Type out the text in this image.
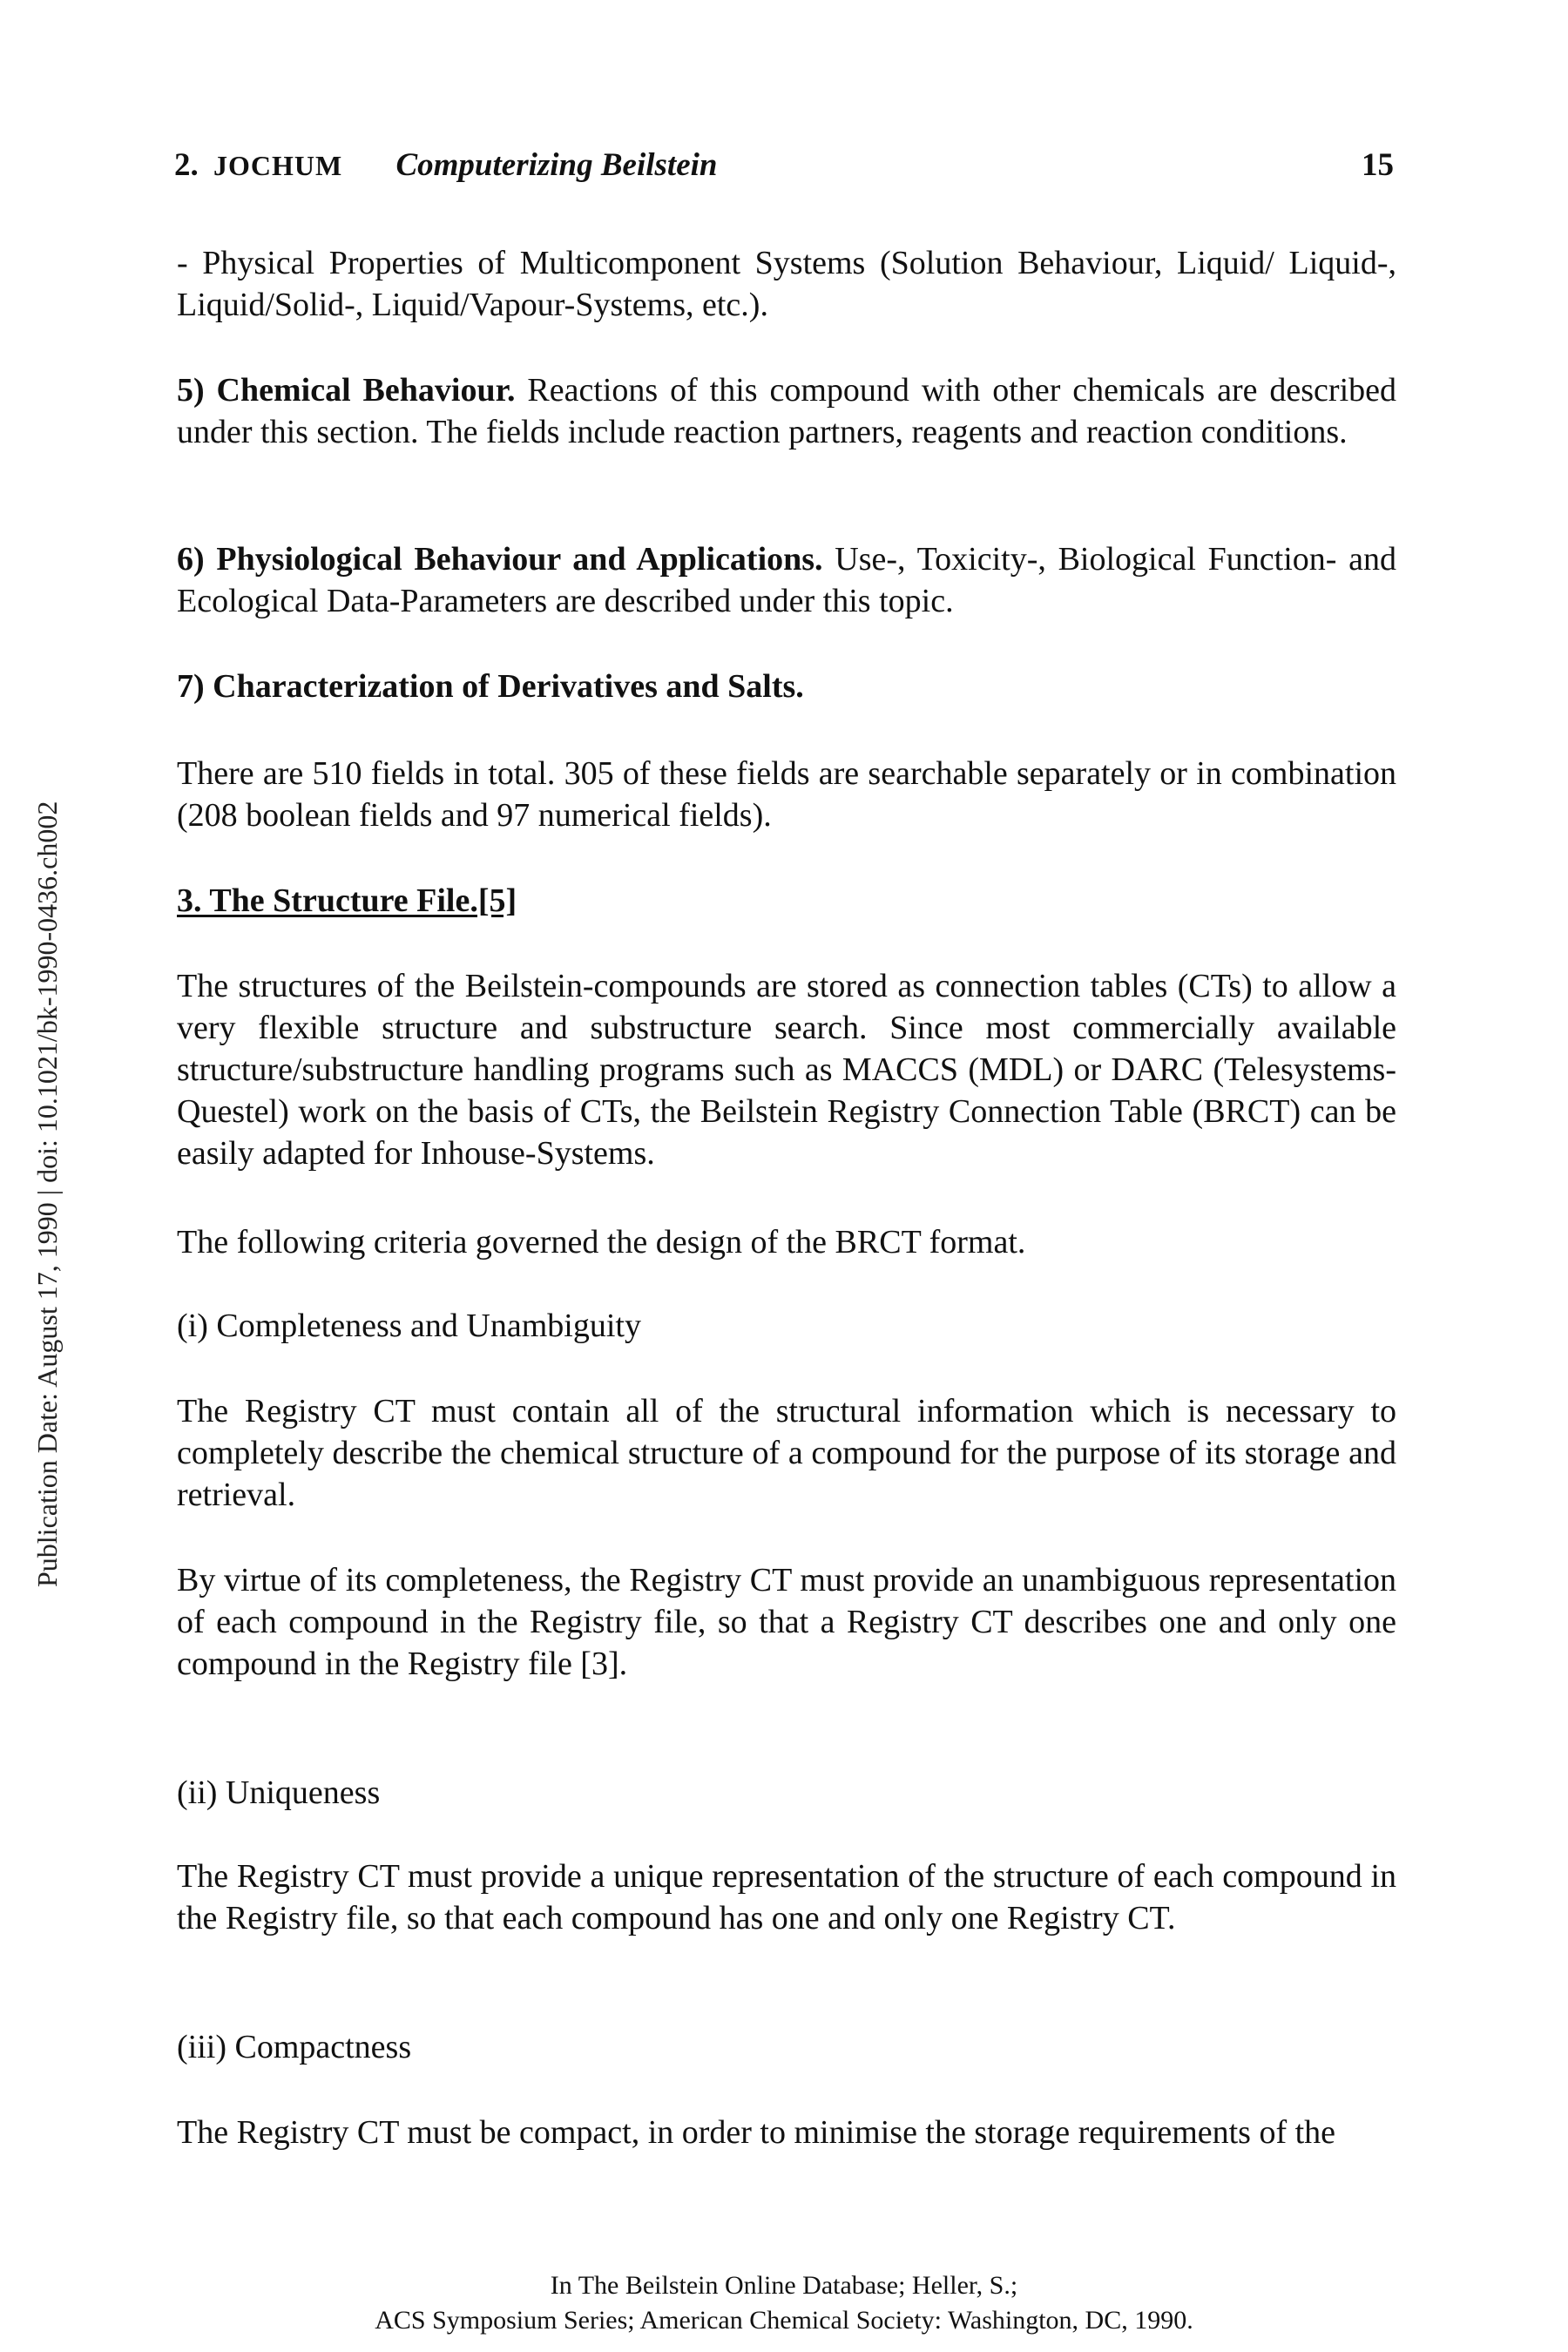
2. JOCHUM Computerizing Beilstein	15
Publication Date: August 17, 1990 | doi: 10.1021/bk-1990-0436.ch002
- Physical Properties of Multicomponent Systems (Solution Behaviour, Liquid/ Liquid-, Liquid/Solid-, Liquid/Vapour-Systems, etc.).
5) Chemical Behaviour. Reactions of this compound with other chemicals are described under this section. The fields include reaction partners, reagents and reaction conditions.
6) Physiological Behaviour and Applications. Use-, Toxicity-, Biological Function- and Ecological Data-Parameters are described under this topic.
7) Characterization of Derivatives and Salts.
There are 510 fields in total. 305 of these fields are searchable separately or in combination (208 boolean fields and 97 numerical fields).
3. The Structure File.[5]
The structures of the Beilstein-compounds are stored as connection tables (CTs) to allow a very flexible structure and substructure search. Since most commercially available structure/substructure handling programs such as MACCS (MDL) or DARC (Telesystems-Questel) work on the basis of CTs, the Beilstein Registry Connection Table (BRCT) can be easily adapted for Inhouse-Systems.
The following criteria governed the design of the BRCT format.
(i) Completeness and Unambiguity
The Registry CT must contain all of the structural information which is necessary to completely describe the chemical structure of a compound for the purpose of its storage and retrieval.
By virtue of its completeness, the Registry CT must provide an unambiguous representation of each compound in the Registry file, so that a Registry CT describes one and only one compound in the Registry file [3].
(ii) Uniqueness
The Registry CT must provide a unique representation of the structure of each compound in the Registry file, so that each compound has one and only one Registry CT.
(iii) Compactness
The Registry CT must be compact, in order to minimise the storage requirements of the
In The Beilstein Online Database; Heller, S.;
ACS Symposium Series; American Chemical Society: Washington, DC, 1990.
